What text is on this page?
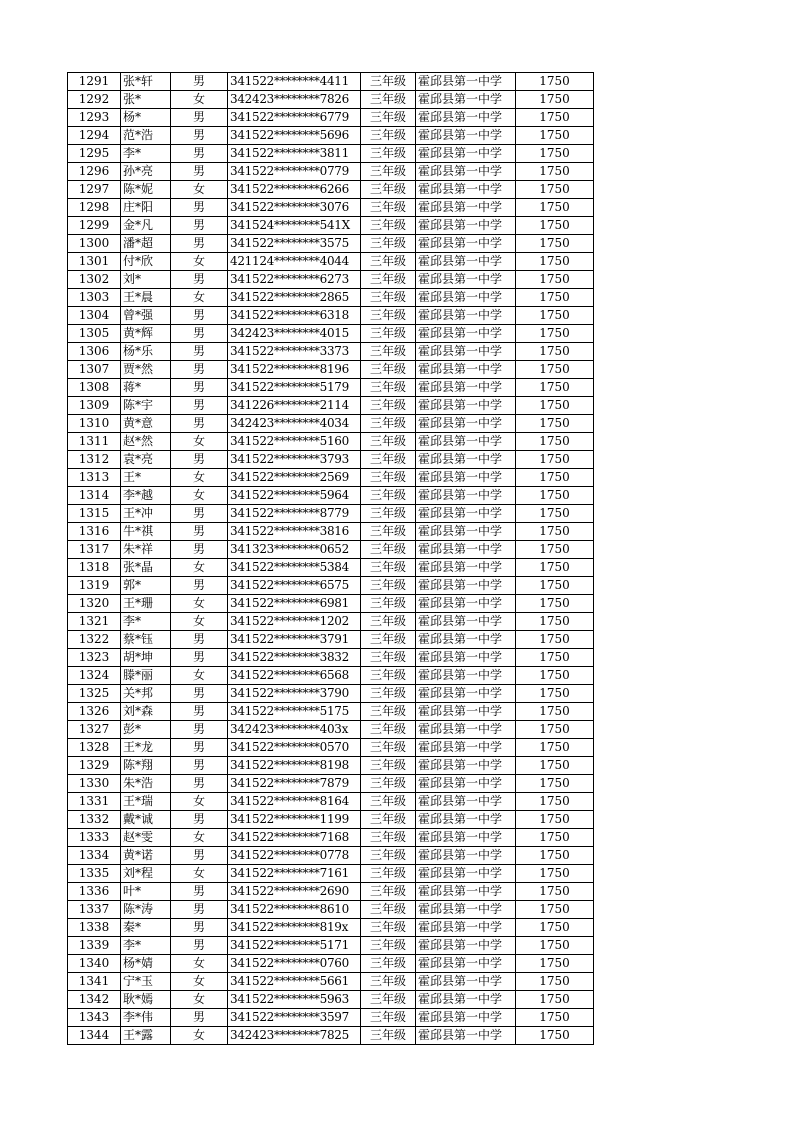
1291	张*轩	男	341522********4411	三年级	霍邱县第一中学	1750
1292	张*	女	342423********7826	三年级	霍邱县第一中学	1750
1293	杨*	男	341522********6779	三年级	霍邱县第一中学	1750
1294	范*浩	男	341522********5696	三年级	霍邱县第一中学	1750
1295	李*	男	341522********3811	三年级	霍邱县第一中学	1750
1296	孙*亮	男	341522********0779	三年级	霍邱县第一中学	1750
1297	陈*妮	女	341522********6266	三年级	霍邱县第一中学	1750
1298	庄*阳	男	341522********3076	三年级	霍邱县第一中学	1750
1299	金*凡	男	341524********541X	三年级	霍邱县第一中学	1750
1300	潘*超	男	341522********3575	三年级	霍邱县第一中学	1750
1301	付*欣	女	421124********4044	三年级	霍邱县第一中学	1750
1302	刘*	男	341522********6273	三年级	霍邱县第一中学	1750
1303	王*晨	女	341522********2865	三年级	霍邱县第一中学	1750
1304	曾*强	男	341522********6318	三年级	霍邱县第一中学	1750
1305	黄*辉	男	342423********4015	三年级	霍邱县第一中学	1750
1306	杨*乐	男	341522********3373	三年级	霍邱县第一中学	1750
1307	贾*然	男	341522********8196	三年级	霍邱县第一中学	1750
1308	蒋*	男	341522********5179	三年级	霍邱县第一中学	1750
1309	陈*宇	男	341226********2114	三年级	霍邱县第一中学	1750
1310	黄*意	男	342423********4034	三年级	霍邱县第一中学	1750
1311	赵*然	女	341522********5160	三年级	霍邱县第一中学	1750
1312	袁*亮	男	341522********3793	三年级	霍邱县第一中学	1750
1313	王*	女	341522********2569	三年级	霍邱县第一中学	1750
1314	李*越	女	341522********5964	三年级	霍邱县第一中学	1750
1315	王*冲	男	341522********8779	三年级	霍邱县第一中学	1750
1316	牛*祺	男	341522********3816	三年级	霍邱县第一中学	1750
1317	朱*祥	男	341323********0652	三年级	霍邱县第一中学	1750
1318	张*晶	女	341522********5384	三年级	霍邱县第一中学	1750
1319	郭*	男	341522********6575	三年级	霍邱县第一中学	1750
1320	王*珊	女	341522********6981	三年级	霍邱县第一中学	1750
1321	李*	女	341522********1202	三年级	霍邱县第一中学	1750
1322	蔡*钰	男	341522********3791	三年级	霍邱县第一中学	1750
1323	胡*坤	男	341522********3832	三年级	霍邱县第一中学	1750
1324	滕*丽	女	341522********6568	三年级	霍邱县第一中学	1750
1325	关*邦	男	341522********3790	三年级	霍邱县第一中学	1750
1326	刘*森	男	341522********5175	三年级	霍邱县第一中学	1750
1327	彭*	男	342423********403x	三年级	霍邱县第一中学	1750
1328	王*龙	男	341522********0570	三年级	霍邱县第一中学	1750
1329	陈*翔	男	341522********8198	三年级	霍邱县第一中学	1750
1330	朱*浩	男	341522********7879	三年级	霍邱县第一中学	1750
1331	王*瑞	女	341522********8164	三年级	霍邱县第一中学	1750
1332	戴*诚	男	341522********1199	三年级	霍邱县第一中学	1750
1333	赵*雯	女	341522********7168	三年级	霍邱县第一中学	1750
1334	黄*诺	男	341522********0778	三年级	霍邱县第一中学	1750
1335	刘*程	女	341522********7161	三年级	霍邱县第一中学	1750
1336	叶*	男	341522********2690	三年级	霍邱县第一中学	1750
1337	陈*涛	男	341522********8610	三年级	霍邱县第一中学	1750
1338	秦*	男	341522********819x	三年级	霍邱县第一中学	1750
1339	李*	男	341522********5171	三年级	霍邱县第一中学	1750
1340	杨*婧	女	341522********0760	三年级	霍邱县第一中学	1750
1341	宁*玉	女	341522********5661	三年级	霍邱县第一中学	1750
1342	耿*嫣	女	341522********5963	三年级	霍邱县第一中学	1750
1343	李*伟	男	341522********3597	三年级	霍邱县第一中学	1750
1344	王*露	女	342423********7825	三年级	霍邱县第一中学	1750
